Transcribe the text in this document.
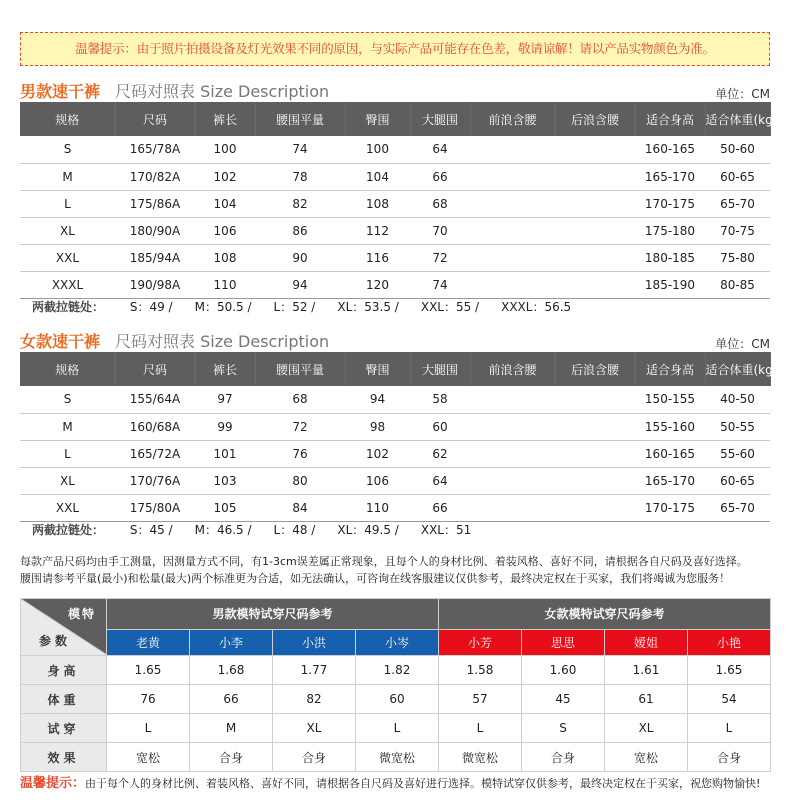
温馨提示：由于照片拍摄设备及灯光效果不同的原因，与实际产品可能存在色差，敬请谅解！请以产品实物颜色为准。
男款速干裤 尺码对照表 Size Description	单位：CM
规格	尺码	裤长	腰围平量	臀围	大腿围	前浪含腰	后浪含腰	适合身高	适合体重(kg)
S	165/78A	100	74	100	64			160-165	50-60
M	170/82A	102	78	104	66			165-170	60-65
L	175/86A	104	82	108	68			170-175	65-70
XL	180/90A	106	86	112	70			175-180	70-75
XXL	185/94A	108	90	116	72			180-185	75-80
XXXL	190/98A	110	94	120	74			185-190	80-85
两截拉链处： S：49 / M：50.5 / L：52 / XL：53.5 / XXL：55 / XXXL：56.5
女款速干裤 尺码对照表 Size Description	单位：CM
规格	尺码	裤长	腰围平量	臀围	大腿围	前浪含腰	后浪含腰	适合身高	适合体重(kg)
S	155/64A	97	68	94	58			150-155	40-50
M	160/68A	99	72	98	60			155-160	50-55
L	165/72A	101	76	102	62			160-165	55-60
XL	170/76A	103	80	106	64			165-170	60-65
XXL	175/80A	105	84	110	66			170-175	65-70
两截拉链处： S：45 / M：46.5 / L：48 / XL：49.5 / XXL：51
每款产品尺码均由手工测量，因测量方式不同，有1-3cm误差属正常现象，且每个人的身材比例、着装风格、喜好不同，请根据各自尺码及喜好选择。
腰围请参考平量(最小)和松量(最大)两个标准更为合适，如无法确认，可咨询在线客服建议仅供参考，最终决定权在于买家，我们将竭诚为您服务！
模特
参数	男款模特试穿尺码参考				女款模特试穿尺码参考			
	老黄	小李	小洪	小岑	小芳	思思	嫒姐	小艳
身高	1.65	1.68	1.77	1.82	1.58	1.60	1.61	1.65
体重	76	66	82	60	57	45	61	54
试穿	L	M	XL	L	L	S	XL	L
效果	宽松	合身	合身	微宽松	微宽松	合身	宽松	合身
温馨提示：由于每个人的身材比例、着装风格、喜好不同，请根据各自尺码及喜好进行选择。模特试穿仅供参考，最终决定权在于买家，祝您购物愉快!
